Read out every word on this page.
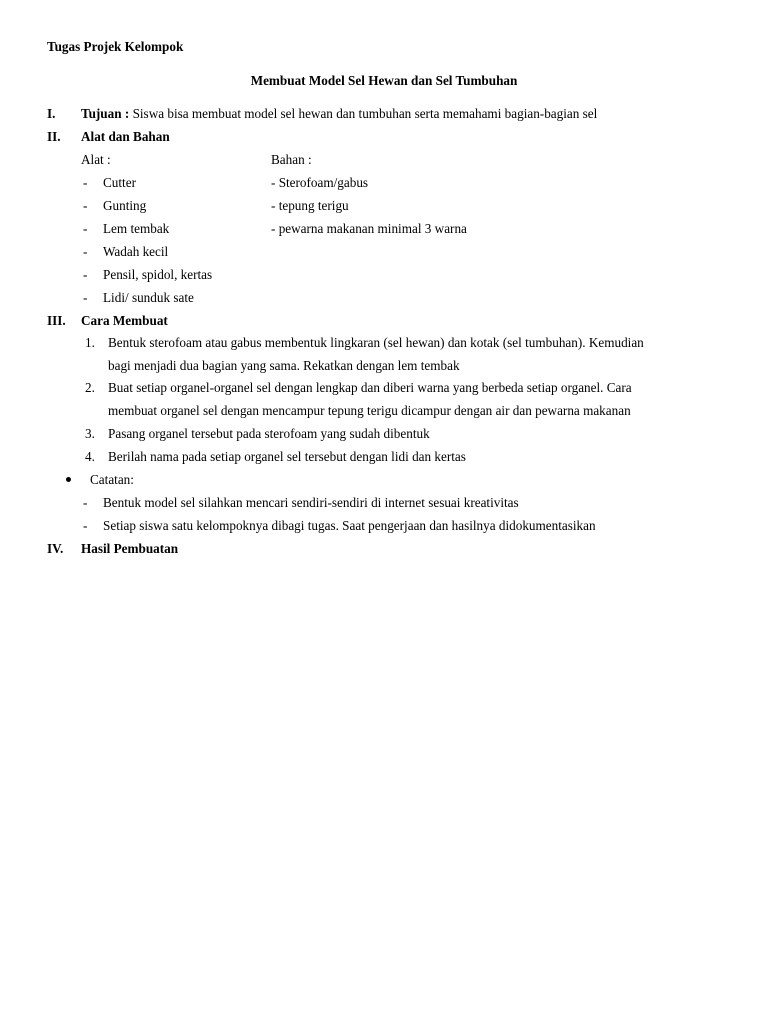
Tugas Projek Kelompok
Membuat Model Sel Hewan dan Sel Tumbuhan
I. Tujuan : Siswa bisa membuat model sel hewan dan tumbuhan serta memahami bagian-bagian sel
II. Alat dan Bahan
Alat :	Bahan :
- Cutter
- Gunting
- Lem tembak
- Wadah kecil
- Pensil, spidol, kertas
- Lidi/ sunduk sate
- Sterofoam/gabus
- tepung terigu
- pewarna makanan minimal 3 warna
III. Cara Membuat
1. Bentuk sterofoam atau gabus membentuk lingkaran (sel hewan) dan kotak (sel tumbuhan). Kemudian
bagi menjadi dua bagian yang sama. Rekatkan dengan lem tembak
2. Buat setiap organel-organel sel dengan lengkap dan diberi warna yang berbeda setiap organel. Cara
membuat organel sel dengan mencampur tepung terigu dicampur dengan air dan pewarna makanan
3. Pasang organel tersebut pada sterofoam yang sudah dibentuk
4. Berilah nama pada setiap organel sel tersebut dengan lidi dan kertas
Catatan:
- Bentuk model sel silahkan mencari sendiri-sendiri di internet sesuai kreativitas
- Setiap siswa satu kelompoknya dibagi tugas. Saat pengerjaan dan hasilnya didokumentasikan
IV. Hasil Pembuatan
